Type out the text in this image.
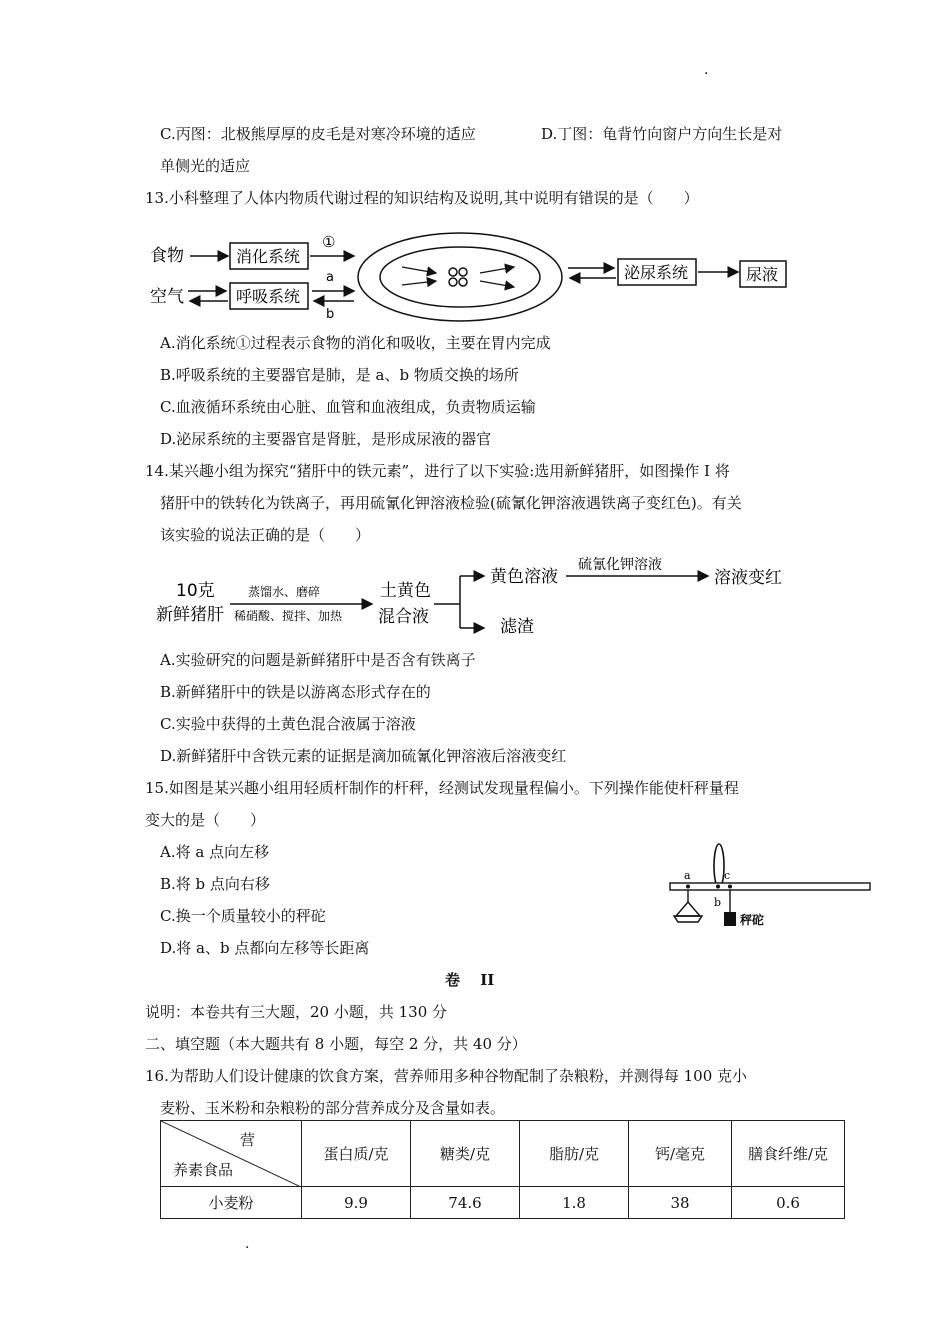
.
.
C.丙图：北极熊厚厚的皮毛是对寒冷环境的适应	D.丁图：龟背竹向窗户方向生长是对
单侧光的适应
13.小科整理了人体内物质代谢过程的知识结构及说明,其中说明有错误的是（　　）
食物	消化系统
①
空气	呼吸系统
a
b
泌尿系统	尿液
A.消化系统①过程表示食物的消化和吸收，主要在胃内完成
B.呼吸系统的主要器官是肺，是 a、b 物质交换的场所
C.血液循环系统由心脏、血管和血液组成，负责物质运输
D.泌尿系统的主要器官是肾脏，是形成尿液的器官
14.某兴趣小组为探究“猪肝中的铁元素”，进行了以下实验:选用新鲜猪肝，如图操作 I 将
猪肝中的铁转化为铁离子，再用硫氰化钾溶液检验(硫氰化钾溶液遇铁离子变红色)。有关
该实验的说法正确的是（　　）
10克
新鲜猪肝
蒸馏水、磨碎
稀硝酸、搅拌、加热
土黄色
混合液
黄色溶液
滤渣
硫氰化钾溶液
溶液变红
A.实验研究的问题是新鲜猪肝中是否含有铁离子
B.新鲜猪肝中的铁是以游离态形式存在的
C.实验中获得的土黄色混合液属于溶液
D.新鲜猪肝中含铁元素的证据是滴加硫氰化钾溶液后溶液变红
15.如图是某兴趣小组用轻质杆制作的杆秤，经测试发现量程偏小。下列操作能使杆秤量程
变大的是（　　）
A.将 a 点向左移
B.将 b 点向右移
C.换一个质量较小的秤砣
D.将 a、b 点都向左移等长距离
a
b
c
秤砣
卷　 II
说明：本卷共有三大题，20 小题，共 130 分
二、填空题（本大题共有 8 小题，每空 2 分，共 40 分）
16.为帮助人们设计健康的饮食方案，营养师用多种谷物配制了杂粮粉，并测得每 100 克小
麦粉、玉米粉和杂粮粉的部分营养成分及含量如表。
营
养素食品	蛋白质/克	糖类/克	脂肪/克	钙/毫克	膳食纤维/克
小麦粉	9.9	74.6	1.8	38	0.6
